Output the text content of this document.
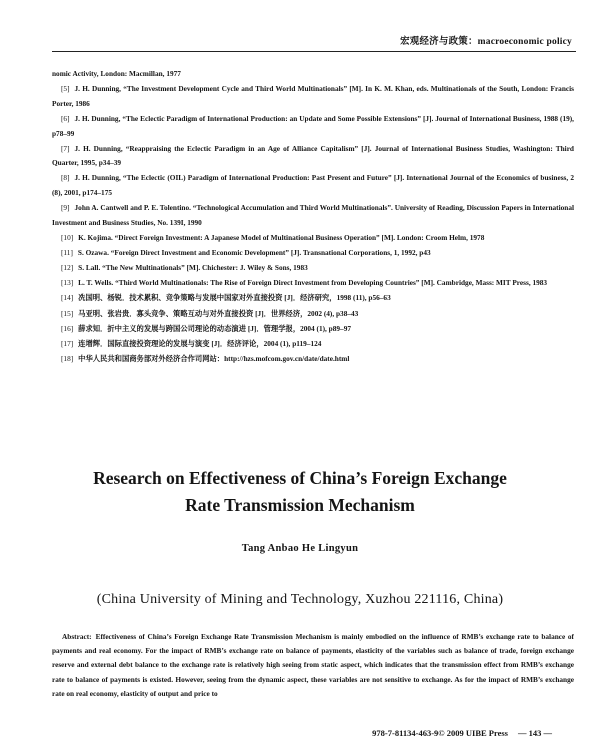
宏观经济与政策：macroeconomic policy
nomic Activity, London: Macmillan, 1977
[5] J. H. Dunning, “The Investment Development Cycle and Third World Multinationals” [M]. In K. M. Khan, eds. Multinationals of the South, London: Francis Porter, 1986
[6] J. H. Dunning, “The Eclectic Paradigm of International Production: an Update and Some Possible Extensions” [J]. Journal of International Business, 1988 (19), p78–99
[7] J. H. Dunning, “Reappraising the Eclectic Paradigm in an Age of Alliance Capitalism” [J]. Journal of International Business Studies, Washington: Third Quarter, 1995, p34–39
[8] J. H. Dunning, “The Eclectic (OIL) Paradigm of International Production: Past Present and Future” [J]. International Journal of the Economics of business, 2 (8), 2001, p174–175
[9] John A. Cantwell and P. E. Tolentino. “Technological Accumulation and Third World Multinationals”. University of Reading, Discussion Papers in International Investment and Business Studies, No. 139I, 1990
[10] K. Kojima. “Direct Foreign Investment: A Japanese Model of Multinational Business Operation” [M]. London: Croom Helm, 1978
[11] S. Ozawa. “Foreign Direct Investment and Economic Development” [J]. Transnational Corporations, 1, 1992, p43
[12] S. Lall. “The New Multinationals” [M]. Chichester: J. Wiley & Sons, 1983
[13] L. T. Wells. “Third World Multinationals: The Rise of Foreign Direct Investment from Developing Countries” [M]. Cambridge, Mass: MIT Press, 1983
[14] 冼国明、杨锐．技术累积、竞争策略与发展中国家对外直接投资 [J]．经济研究，1998 (11), p56–63
[15] 马亚明、张岩贵．寡头竞争、策略互动与对外直接投资 [J]．世界经济，2002 (4), p38–43
[16] 薛求知．折中主义的发展与跨国公司理论的动态演进 [J]．管理学报，2004 (1), p89–97
[17] 连增辉．国际直接投资理论的发展与演变 [J]．经济评论，2004 (1), p119–124
[18] 中华人民共和国商务部对外经济合作司网站：http://hzs.mofcom.gov.cn/date/date.html
Research on Effectiveness of China’s Foreign Exchange
Rate Transmission Mechanism
Tang Anbao He Lingyun
(China University of Mining and Technology, Xuzhou 221116, China)
Abstract: Effectiveness of China’s Foreign Exchange Rate Transmission Mechanism is mainly embodied on the influence of RMB’s exchange rate to balance of payments and real economy. For the impact of RMB’s exchange rate on balance of payments, elasticity of the variables such as balance of trade, foreign exchange reserve and external debt balance to the exchange rate is relatively high seeing from static aspect, which indicates that the transmission effect from RMB’s exchange rate to balance of payments is existed. However, seeing from the dynamic aspect, these variables are not sensitive to exchange. As for the impact of RMB’s exchange rate on real economy, elasticity of output and price to
978-7-81134-463-9© 2009 UIBE Press — 143 —
